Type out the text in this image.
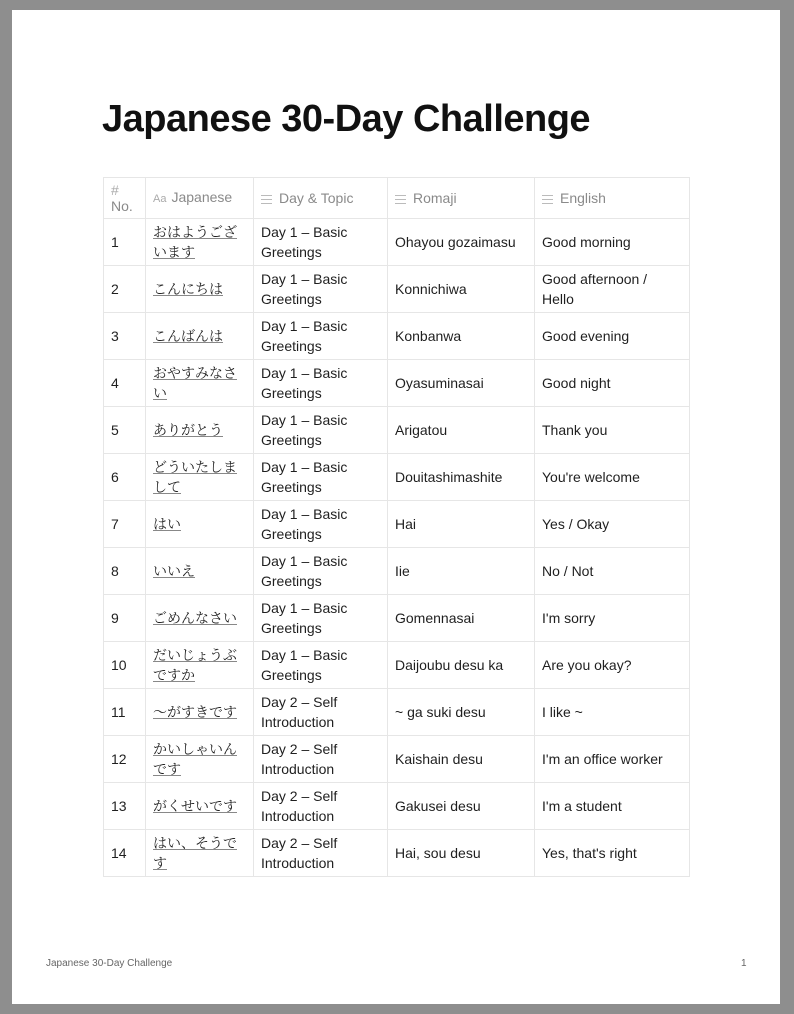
Japanese 30-Day Challenge
#
No.	Aa Japanese	Day & Topic	Romaji	English
1	おはようございます	Day 1 – Basic Greetings	Ohayou gozaimasu	Good morning
2	こんにちは	Day 1 – Basic Greetings	Konnichiwa	Good afternoon / Hello
3	こんばんは	Day 1 – Basic Greetings	Konbanwa	Good evening
4	おやすみなさい	Day 1 – Basic Greetings	Oyasuminasai	Good night
5	ありがとう	Day 1 – Basic Greetings	Arigatou	Thank you
6	どういたしまして	Day 1 – Basic Greetings	Douitashimashite	You're welcome
7	はい	Day 1 – Basic Greetings	Hai	Yes / Okay
8	いいえ	Day 1 – Basic Greetings	Iie	No / Not
9	ごめんなさい	Day 1 – Basic Greetings	Gomennasai	I'm sorry
10	だいじょうぶですか	Day 1 – Basic Greetings	Daijoubu desu ka	Are you okay?
11	〜がすきです	Day 2 – Self Introduction	~ ga suki desu	I like ~
12	かいしゃいんです	Day 2 – Self Introduction	Kaishain desu	I'm an office worker
13	がくせいです	Day 2 – Self Introduction	Gakusei desu	I'm a student
14	はい、そうです	Day 2 – Self Introduction	Hai, sou desu	Yes, that's right
Japanese 30-Day Challenge	1
